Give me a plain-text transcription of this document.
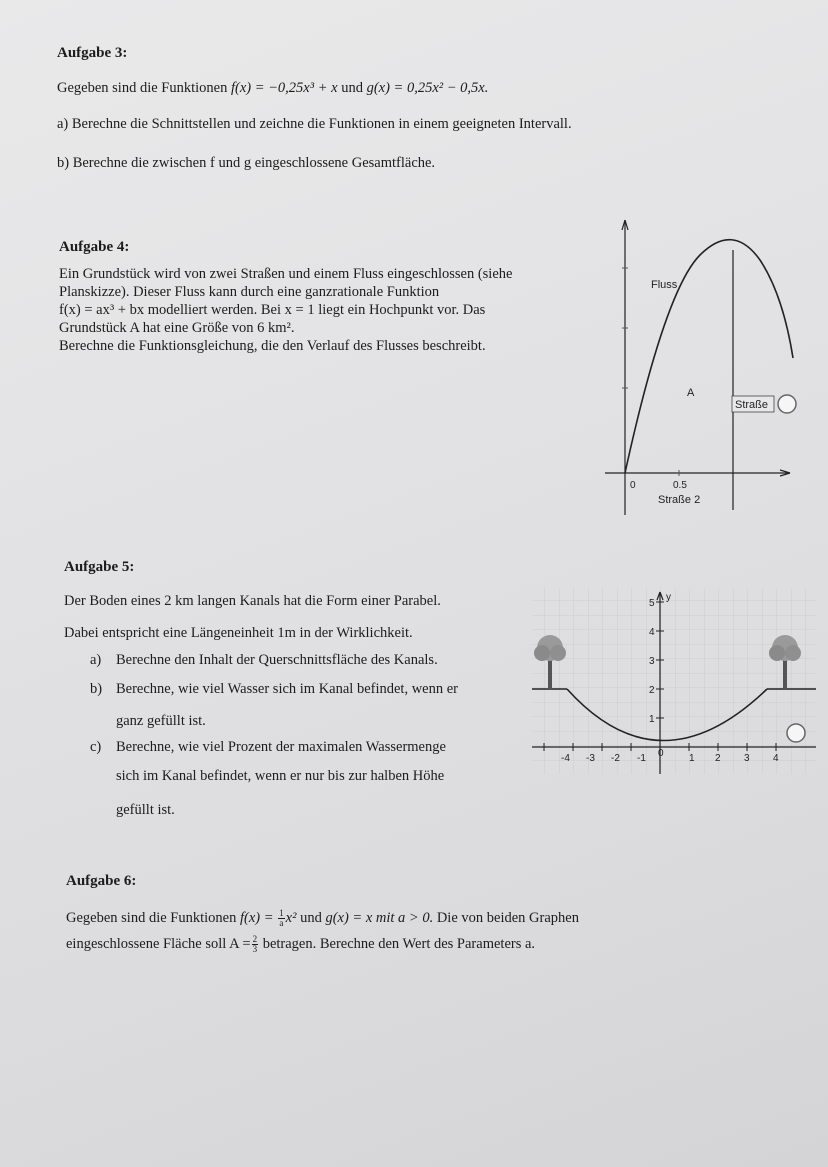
Aufgabe 3:
Gegeben sind die Funktionen f(x) = −0,25x³ + x und g(x) = 0,25x² − 0,5x.
a) Berechne die Schnittstellen und zeichne die Funktionen in einem geeigneten Intervall.
b) Berechne die zwischen f und g eingeschlossene Gesamtfläche.
Aufgabe 4:
Ein Grundstück wird von zwei Straßen und einem Fluss eingeschlossen (siehe
Planskizze). Dieser Fluss kann durch eine ganzrationale Funktion
f(x) = ax³ + bx modelliert werden. Bei x = 1 liegt ein Hochpunkt vor. Das
Grundstück A hat eine Größe von 6 km².
Berechne die Funktionsgleichung, die den Verlauf des Flusses beschreibt.
Fluss
A
Straße
0	0.5
Straße 2
Aufgabe 5:
Der Boden eines 2 km langen Kanals hat die Form einer Parabel.
Dabei entspricht eine Längeneinheit 1m in der Wirklichkeit.
a) Berechne den Inhalt der Querschnittsfläche des Kanals.
b) Berechne, wie viel Wasser sich im Kanal befindet, wenn er
ganz gefüllt ist.
c) Berechne, wie viel Prozent der maximalen Wassermenge
sich im Kanal befindet, wenn er nur bis zur halben Höhe
gefüllt ist.
y
-4 -3 -2 -1 0	1 2 3 4
1
2
3
4
5
Aufgabe 6:
Gegeben sind die Funktionen $f(x) = \frac{1}{a} x^2$ und g(x) = x mit a > 0. Die von beiden Graphen
eingeschlossene Fläche soll $A = \frac{2}{3}$ betragen. Berechne den Wert des Parameters a.
